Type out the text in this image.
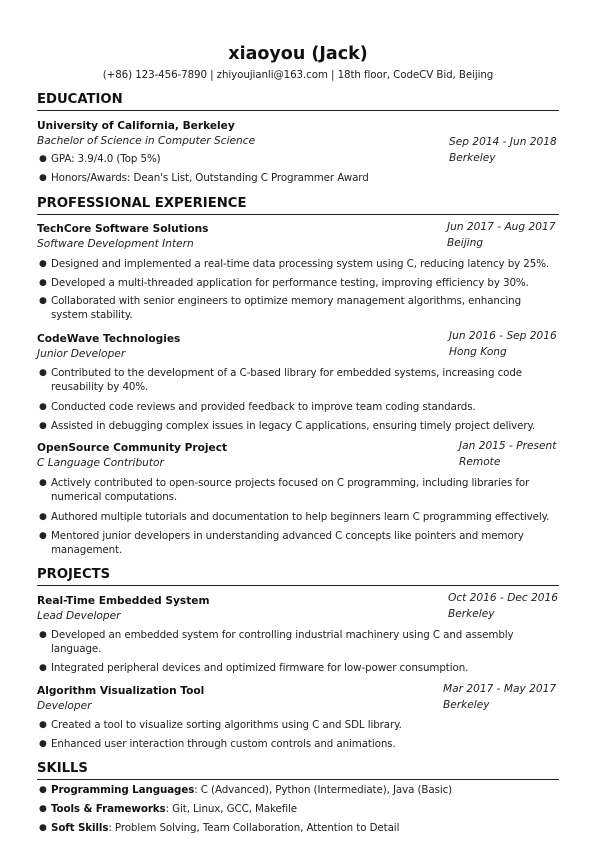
xiaoyou (Jack)
(+86) 123-456-7890 | zhiyoujianli@163.com | 18th floor, CodeCV Bid, Beijing
EDUCATION
University of California, Berkeley
Bachelor of Science in Computer Science	Sep 2014 - Jun 2018
Berkeley
● GPA: 3.9/4.0 (Top 5%)
● Honors/Awards: Dean's List, Outstanding C Programmer Award
PROFESSIONAL EXPERIENCE
TechCore Software Solutions
Software Development Intern
Jun 2017 - Aug 2017
Beijing
● Designed and implemented a real-time data processing system using C, reducing latency by 25%.
● Developed a multi-threaded application for performance testing, improving efficiency by 30%.
● Collaborated with senior engineers to optimize memory management algorithms, enhancing system stability.
CodeWave Technologies
Junior Developer
Jun 2016 - Sep 2016
Hong Kong
● Contributed to the development of a C-based library for embedded systems, increasing code reusability by 40%.
● Conducted code reviews and provided feedback to improve team coding standards.
● Assisted in debugging complex issues in legacy C applications, ensuring timely project delivery.
OpenSource Community Project
C Language Contributor
Jan 2015 - Present
Remote
● Actively contributed to open-source projects focused on C programming, including libraries for numerical computations.
● Authored multiple tutorials and documentation to help beginners learn C programming effectively.
● Mentored junior developers in understanding advanced C concepts like pointers and memory management.
PROJECTS
Real-Time Embedded System
Lead Developer
Oct 2016 - Dec 2016
Berkeley
● Developed an embedded system for controlling industrial machinery using C and assembly language.
● Integrated peripheral devices and optimized firmware for low-power consumption.
Algorithm Visualization Tool
Developer
Mar 2017 - May 2017
Berkeley
● Created a tool to visualize sorting algorithms using C and SDL library.
● Enhanced user interaction through custom controls and animations.
SKILLS
● Programming Languages: C (Advanced), Python (Intermediate), Java (Basic)
● Tools & Frameworks: Git, Linux, GCC, Makefile
● Soft Skills: Problem Solving, Team Collaboration, Attention to Detail
